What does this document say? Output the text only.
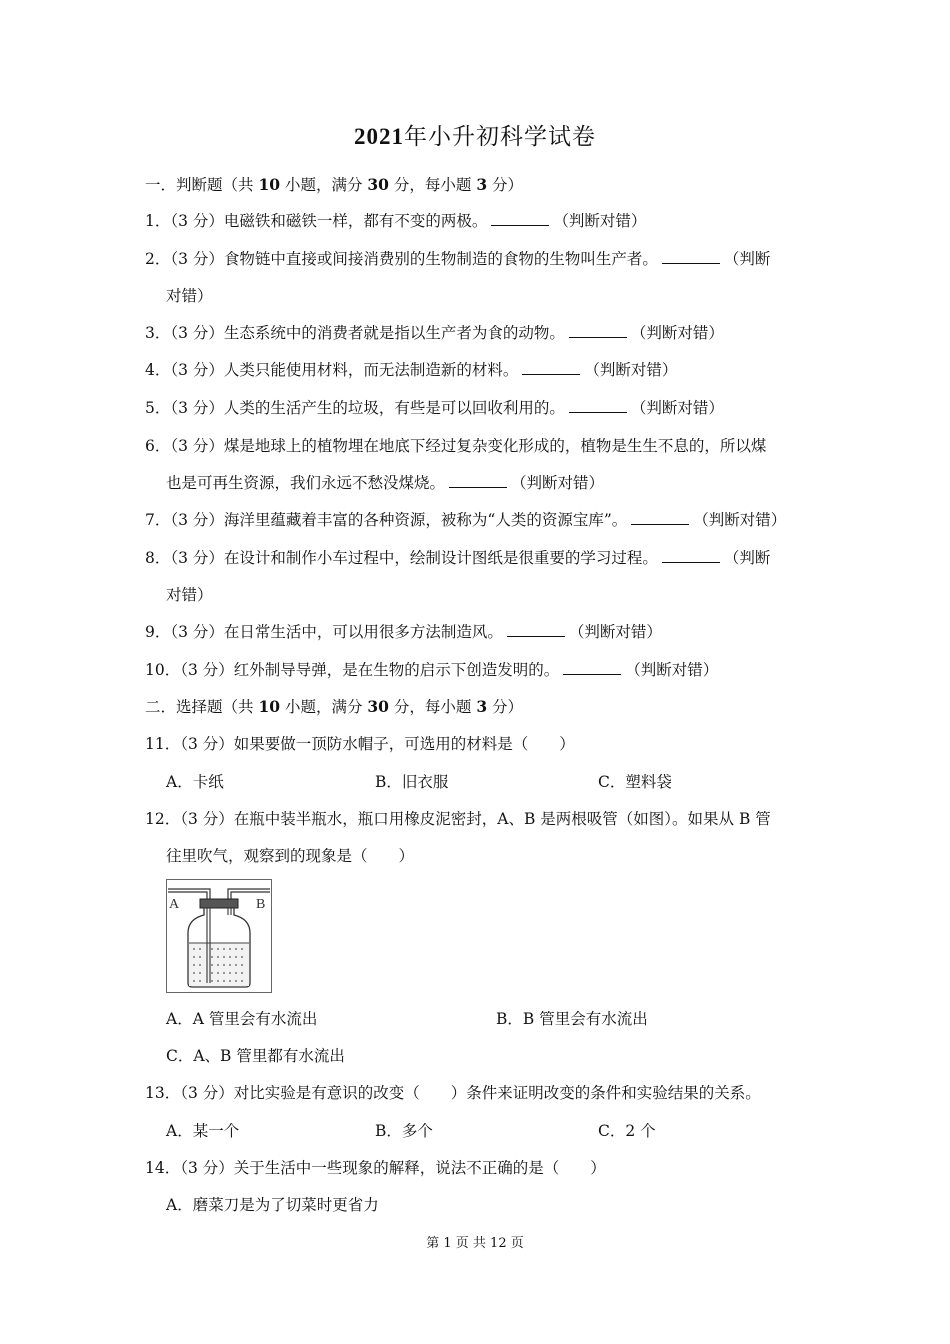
2021年小升初科学试卷
一．判断题（共 10 小题，满分 30 分，每小题 3 分）
1．（3 分）电磁铁和磁铁一样，都有不变的两极。	（判断对错）
2．（3 分）食物链中直接或间接消费别的生物制造的食物的生物叫生产者。	（判断
对错）
3．（3 分）生态系统中的消费者就是指以生产者为食的动物。	（判断对错）
4．（3 分）人类只能使用材料，而无法制造新的材料。	（判断对错）
5．（3 分）人类的生活产生的垃圾，有些是可以回收利用的。	（判断对错）
6．（3 分）煤是地球上的植物埋在地底下经过复杂变化形成的，植物是生生不息的，所以煤
也是可再生资源，我们永远不愁没煤烧。	（判断对错）
7．（3 分）海洋里蕴藏着丰富的各种资源，被称为“人类的资源宝库”。	（判断对错）
8．（3 分）在设计和制作小车过程中，绘制设计图纸是很重要的学习过程。	（判断
对错）
9．（3 分）在日常生活中，可以用很多方法制造风。	（判断对错）
10．（3 分）红外制导导弹，是在生物的启示下创造发明的。	（判断对错）
二．选择题（共 10 小题，满分 30 分，每小题 3 分）
11．（3 分）如果要做一顶防水帽子，可选用的材料是（　　）
A．卡纸	B．旧衣服	C．塑料袋
12．（3 分）在瓶中装半瓶水，瓶口用橡皮泥密封，A、B 是两根吸管（如图）。如果从 B 管
往里吹气，观察到的现象是（　　）
A	B
A．A 管里会有水流出	B．B 管里会有水流出
C．A、B 管里都有水流出
13．（3 分）对比实验是有意识的改变（　　）条件来证明改变的条件和实验结果的关系。
A．某一个	B．多个	C．2 个
14．（3 分）关于生活中一些现象的解释，说法不正确的是（　　）
A．磨菜刀是为了切菜时更省力
第 1 页 共 12 页
